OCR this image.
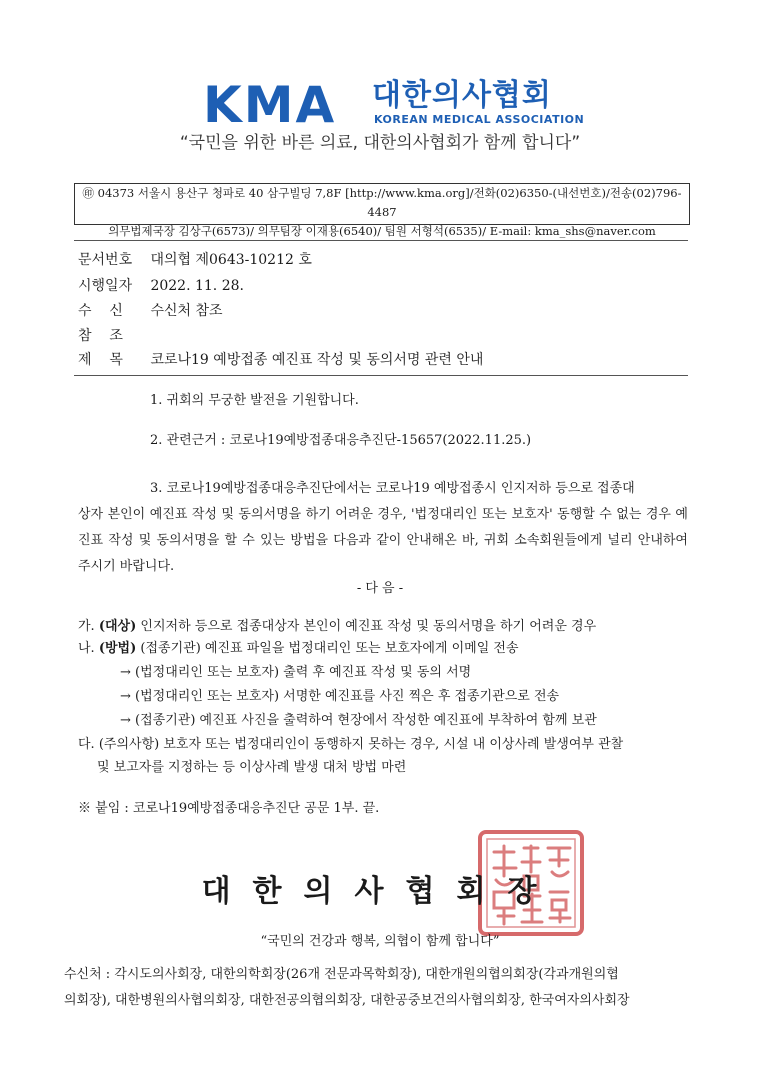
KMA 대한의사협회
KOREAN MEDICAL ASSOCIATION
“국민을 위한 바른 의료, 대한의사협회가 함께 합니다”
㊞ 04373 서울시 용산구 청파로 40 삼구빌딩 7,8F [http://www.kma.org]/전화(02)6350-(내선번호)/전송(02)796-4487
의무법제국장 김상구(6573)/ 의무팀장 이재용(6540)/ 팀원 서형석(6535)/ E-mail: kma_shs@naver.com
문서번호 대의협 제0643-10212 호
시행일자 2022. 11. 28.
수    신 수신처 참조
참    조
제    목 코로나19 예방접종 예진표 작성 및 동의서명 관련 안내
1. 귀회의 무궁한 발전을 기원합니다.
2. 관련근거 : 코로나19예방접종대응추진단-15657(2022.11.25.)
3. 코로나19예방접종대응추진단에서는 코로나19 예방접종시 인지저하 등으로 접종대
상자 본인이 예진표 작성 및 동의서명을 하기 어려운 경우, '법정대리인 또는 보호자' 동행할 수 없는 경우 예진표 작성 및 동의서명을 할 수 있는 방법을 다음과 같이 안내해온 바, 귀회 소속회원들에게 널리 안내하여 주시기 바랍니다.
- 다 음 -
가. (대상) 인지저하 등으로 접종대상자 본인이 예진표 작성 및 동의서명을 하기 어려운 경우
나. (방법) (접종기관) 예진표 파일을 법정대리인 또는 보호자에게 이메일 전송
→ (법정대리인 또는 보호자) 출력 후 예진표 작성 및 동의 서명
→ (법정대리인 또는 보호자) 서명한 예진표를 사진 찍은 후 접종기관으로 전송
→ (접종기관) 예진표 사진을 출력하여 현장에서 작성한 예진표에 부착하여 함께 보관
다. (주의사항) 보호자 또는 법정대리인이 동행하지 못하는 경우, 시설 내 이상사례 발생여부 관찰
및 보고자를 지정하는 등 이상사례 발생 대처 방법 마련
※ 붙임 : 코로나19예방접종대응추진단 공문 1부. 끝.
대한의사협회장
“국민의 건강과 행복, 의협이 함께 합니다”
수신처 : 각시도의사회장, 대한의학회장(26개 전문과목학회장), 대한개원의협의회장(각과개원의협
의회장), 대한병원의사협의회장, 대한전공의협의회장, 대한공중보건의사협의회장, 한국여자의사회장
